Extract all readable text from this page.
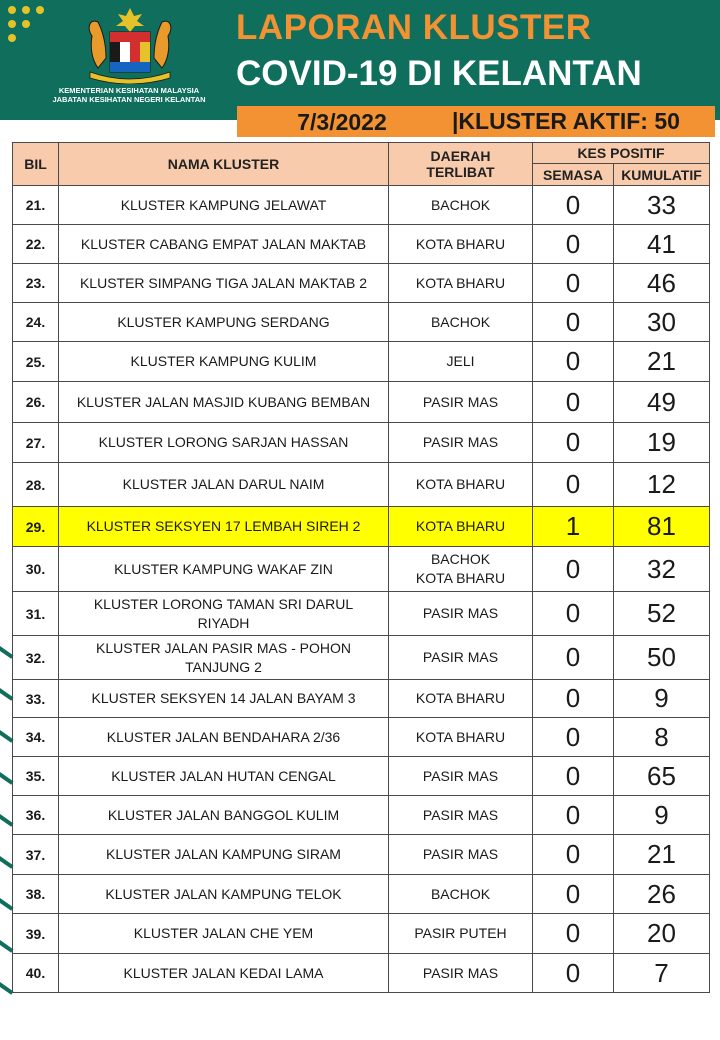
KEMENTERIAN KESIHATAN MALAYSIA
JABATAN KESIHATAN NEGERI KELANTAN
LAPORAN KLUSTER
COVID-19 DI KELANTAN
7/3/2022	|KLUSTER AKTIF: 50
BIL	NAMA KLUSTER	DAERAH
TERLIBAT	KES POSITIF	
			SEMASA	KUMULATIF

21.	KLUSTER KAMPUNG JELAWAT	BACHOK	0	33

22.	KLUSTER CABANG EMPAT JALAN MAKTAB	KOTA BHARU	0	41

23.	KLUSTER SIMPANG TIGA JALAN MAKTAB 2	KOTA BHARU	0	46

24.	KLUSTER KAMPUNG SERDANG	BACHOK	0	30

25.	KLUSTER KAMPUNG KULIM	JELI	0	21

26.	KLUSTER JALAN MASJID KUBANG BEMBAN	PASIR MAS	0	49

27.	KLUSTER LORONG SARJAN HASSAN	PASIR MAS	0	19

28.	KLUSTER JALAN DARUL NAIM	KOTA BHARU	0	12

29.	KLUSTER SEKSYEN 17 LEMBAH SIREH 2	KOTA BHARU	1	81

30.	KLUSTER KAMPUNG WAKAF ZIN	BACHOK
KOTA BHARU	0	32

31.	KLUSTER LORONG TAMAN SRI DARUL
RIYADH	PASIR MAS	0	52

32.	KLUSTER JALAN PASIR MAS - POHON
TANJUNG 2	PASIR MAS	0	50

33.	KLUSTER SEKSYEN 14 JALAN BAYAM 3	KOTA BHARU	0	9

34.	KLUSTER JALAN BENDAHARA 2/36	KOTA BHARU	0	8

35.	KLUSTER JALAN HUTAN CENGAL	PASIR MAS	0	65

36.	KLUSTER JALAN BANGGOL KULIM	PASIR MAS	0	9

37.	KLUSTER JALAN KAMPUNG SIRAM	PASIR MAS	0	21

38.	KLUSTER JALAN KAMPUNG TELOK	BACHOK	0	26

39.	KLUSTER JALAN CHE YEM	PASIR PUTEH	0	20

40.	KLUSTER JALAN KEDAI LAMA	PASIR MAS	0	7
